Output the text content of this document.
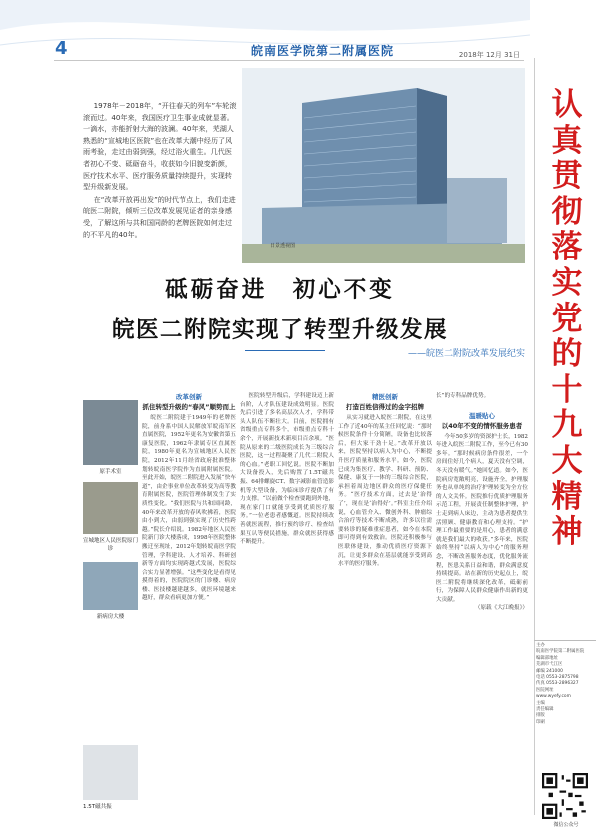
4	皖南医学院第二附属医院	2018年 12月 31日

1978年－2018年，“开往春天的列车”车轮滚滚而过。40年来，我国医疗卫生事业成就显著。一滴水，亦能折射大海的波澜。40年来，芜湖人熟悉的“宣城地区医院”也在改革大潮中经历了风雨考验，走过由弱到强，经过浴火重生。几代医者初心不变、砥砺奋斗，收获如今旧貌变新颜，医疗技术水平、医疗服务质量持续提升，实现转型升级新发展。

在“改革开放再出发”的时代节点上，我们走进皖医二附院，倾听三位改革发展见证者的亲身感受，了解这所与共和国同龄的老牌医院如何走过的不平凡的40年。

日景透视图
砥砺奋进　初心不变
皖医二附院实现了转型升级发展
——皖医二附院改革发展纪实
原手术室
宣城地区人民医院原门诊
新病房大楼
1.5T磁共振
改革创新
抓住转型升级的“春风”顺势而上

皖医二附院建于1949年的老牌医院，前身系中国人民解放军皖南军区直属医院，1952年更名为安徽省第五康复医院，1962年隶属专区直属医院，1980年更名为宣城地区人民医院，2012年11月经省政府批准整体划转皖南医学院作为直属附属医院。至此开始，皖医二附院进入发展“快车道”，由企事业单位改革转变为高等教育附属医院，医院管理体制发生了实质性变化。“我们医院与共和国同龄，40年来改革开放的春风吹拂着，医院由小到大，由弱到强实现了历史性跨越。”院长介绍说。1982年地区人民医院新门诊大楼落成，1998年医院整体搬迁至现址，2012年划转皖南医学院管理，学科建设、人才培养、科研创新等方面均实现跨越式发展，医院综合实力显著增强。“这些变化是看得见摸得着的，医院院区的门诊楼、病房楼、医技楼越建越多，就医环境越来越好，群众看病更加方便。”

医院转型升级后，学科建设迈上新台阶，人才队伍建设成效明显。医院先后引进了多名高层次人才，学科带头人队伍不断壮大。目前，医院拥有省级重点专科多个，市级重点专科十余个，开展新技术新项目百余项。“医院从原来的二级医院成长为三级综合医院，这一过程凝聚了几代二附院人的心血。”老职工回忆说。医院不断加大设备投入，先后购置了1.5T磁共振、64排螺旋CT、数字减影血管造影机等大型设备，为临床诊疗提供了有力支撑。“以前做个检查要跑到外地，现在家门口就能享受到优质医疗服务。”一位老患者感慨道。医院持续改善就医流程，推行预约诊疗、检查结果互认等便民措施，群众就医获得感不断提升。

精医创新
打造百姓信得过的金字招牌

从实习就进入皖医二附院，在这里工作了近40年的某主任回忆说：“那时候医院条件十分简陋，设备也比较落后，但大家干劲十足。”改革开放以来，医院坚持以病人为中心，不断提升医疗质量和服务水平。如今，医院已成为集医疗、教学、科研、预防、保健、康复于一体的三级综合医院，承担着周边地区群众的医疗保健任务。“医疗技术方面，过去是‘治得了’，现在是‘治得好’。”科室主任介绍说，心血管介入、微创外科、肿瘤综合治疗等技术不断成熟，许多以往需要转诊的疑难重症患者，如今在本院即可得到有效救治。医院还积极参与医联体建设，推动优质医疗资源下沉，让更多群众在基层就能享受到高水平的医疗服务。

长”的专科品牌优势。

温暖贴心
以40年不变的情怀服务患者

今年50多岁的资深护士长，1982年进入皖医二附院工作，至今已有30多年。“那时候病房条件很差，一个房间住好几个病人，夏天没有空调，冬天没有暖气。”她回忆道。如今，医院病房宽敞明亮，设施齐全，护理服务也从单纯的治疗护理转变为全方位的人文关怀。医院推行优质护理服务示范工程，开展责任制整体护理，护士走到病人床边，主动为患者提供生活照顾、健康教育和心理支持。“护理工作最重要的是用心，患者的满意就是我们最大的收获。”多年来，医院始终坚持“以病人为中心”的服务理念，不断改善服务态度，优化服务流程，医患关系日益和谐，群众满意度持续提高。站在新的历史起点上，皖医二附院将继续深化改革，砥砺前行，为保障人民群众健康作出新的更大贡献。

（原载《大江晚报》）
认真贯彻落实党的十九大精神
主办
皖南医学院第二附属医院
编辑部地址
芜湖市弋江区
邮编 241000
电话 0553-2875798
传真 0553-2896327
医院网址
www.wyefy.com
主编
责任编辑
排版
印刷
微信公众号
